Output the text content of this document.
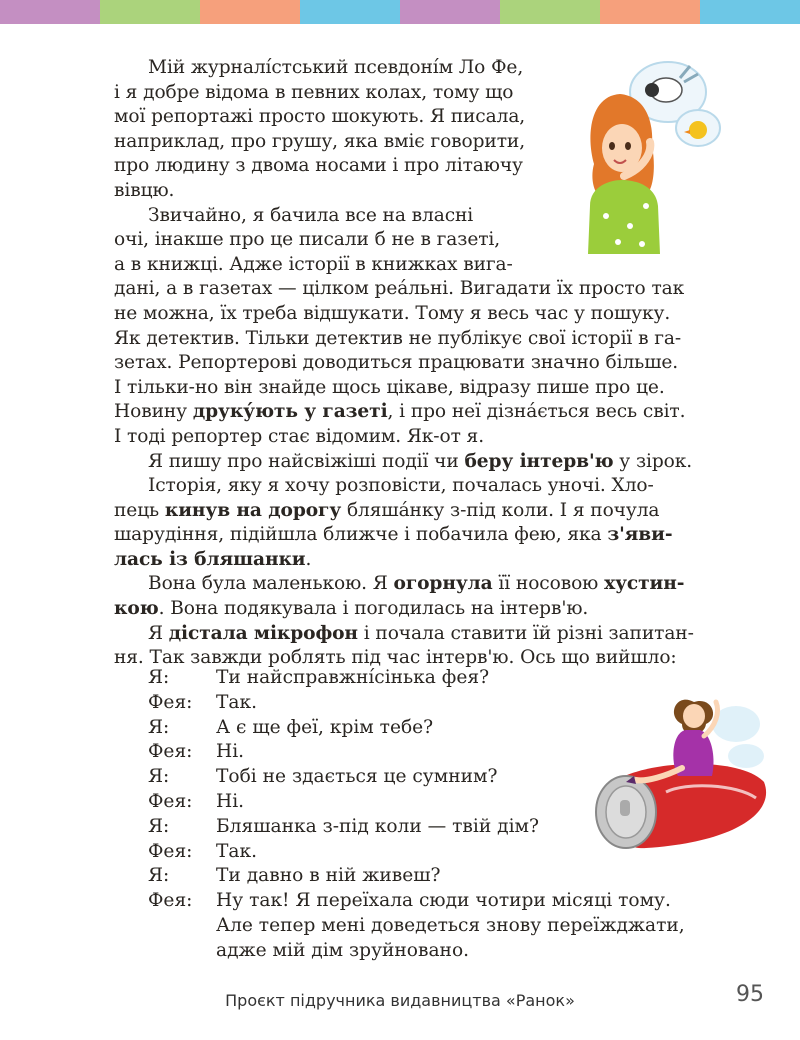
Мій журналі́стський псевдоні́м Ло Фе,
і я добре відома в певних колах, тому що
мої репортажі просто шокують. Я писала,
наприклад, про грушу, яка вміє говорити,
про людину з двома носами і про літаючу
вівцю.
Звичайно, я бачила все на власні
очі, інакше про це писали б не в газеті,
а в книжці. Адже історії в книжках вига-
дані, а в газетах — цілком реа́льні. Вигадати їх просто так
не можна, їх треба відшукати. Тому я весь час у пошуку.
Як детектив. Тільки детектив не публікує свої історії в га-
зетах. Репортерові доводиться працювати значно більше.
І тільки-но він знайде щось цікаве, відразу пише про це.
Новину друку́ють у газеті, і про неї дізна́ється весь світ.
І тоді репортер стає відомим. Як-от я.
Я пишу про найсвіжіші події чи беру інтерв'ю у зірок.
Історія, яку я хочу розповісти, почалась уночі. Хло-
пець кинув на дорогу бляша́нку з-під коли. І я почула
шарудіння, підійшла ближче і побачила фею, яка з'яви-
лась із бляшанки.
Вона була маленькою. Я огорнула її носовою хустин-
кою. Вона подякувала і погодилась на інтерв'ю.
Я дістала мікрофон і почала ставити їй різні запитан-
ня. Так завжди роблять під час інтерв'ю. Ось що вийшло:
Я:	Ти найсправжні́сінька фея?
Фея:	Так.
Я:	А є ще феї, крім тебе?
Фея:	Ні.
Я:	Тобі не здається це сумним?
Фея:	Ні.
Я:	Бляшанка з-під коли — твій дім?
Фея:	Так.
Я:	Ти давно в ній живеш?
Фея:	Ну так! Я переїхала сюди чотири місяці тому.
Але тепер мені доведеться знову переїжджати,
адже мій дім зруйновано.
Проєкт підручника видавництва «Ранок»	95
